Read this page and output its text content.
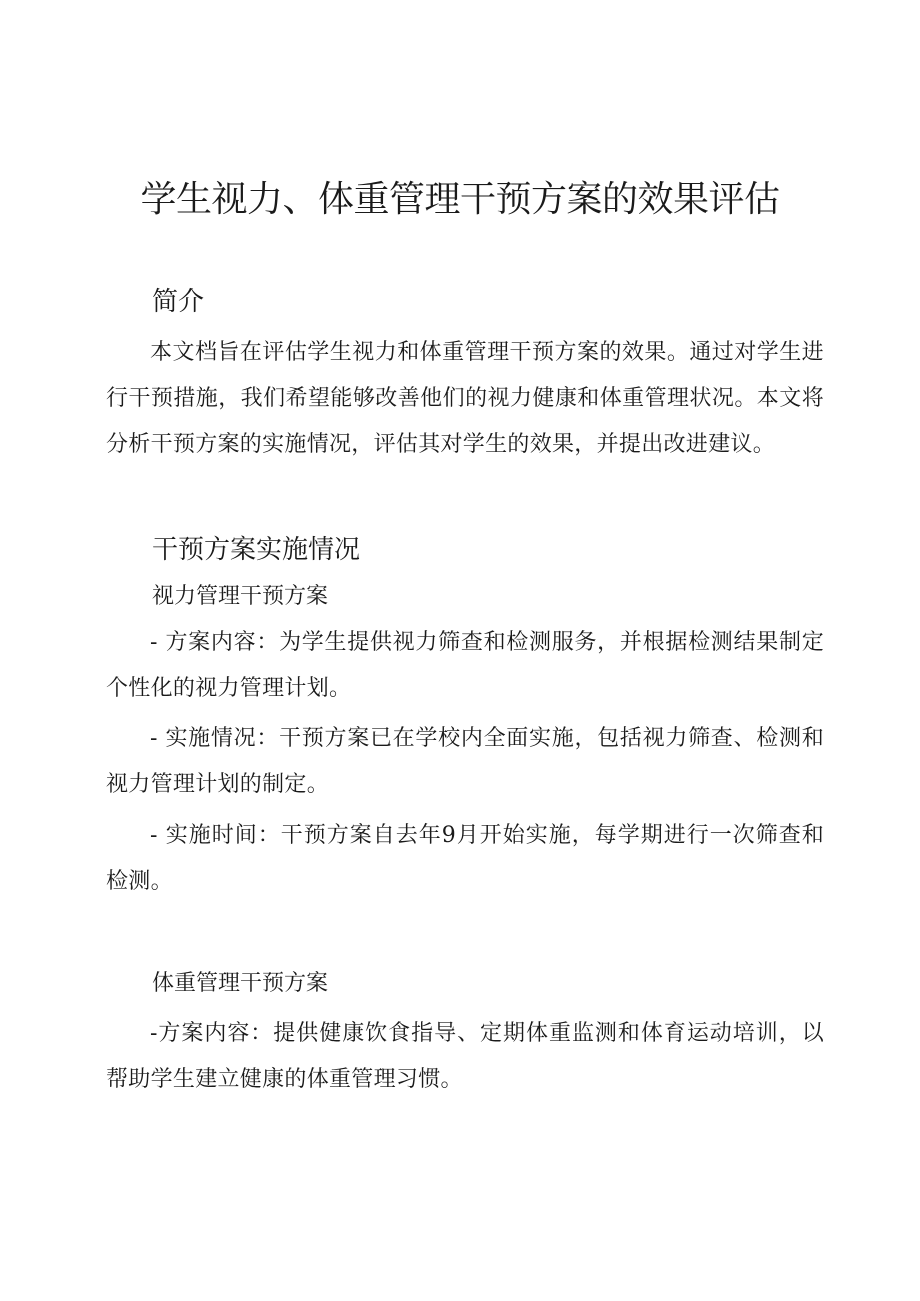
学生视力、体重管理干预方案的效果评估
简介

本文档旨在评估学生视力和体重管理干预方案的效果。通过对学生进行干预措施，我们希望能够改善他们的视力健康和体重管理状况。本文将分析干预方案的实施情况，评估其对学生的效果，并提出改进建议。

干预方案实施情况
视力管理干预方案

- 方案内容：为学生提供视力筛查和检测服务，并根据检测结果制定个性化的视力管理计划。

- 实施情况：干预方案已在学校内全面实施，包括视力筛查、检测和视力管理计划的制定。

- 实施时间：干预方案自去年9月开始实施，每学期进行一次筛查和检测。

体重管理干预方案

-方案内容：提供健康饮食指导、定期体重监测和体育运动培训，以帮助学生建立健康的体重管理习惯。
